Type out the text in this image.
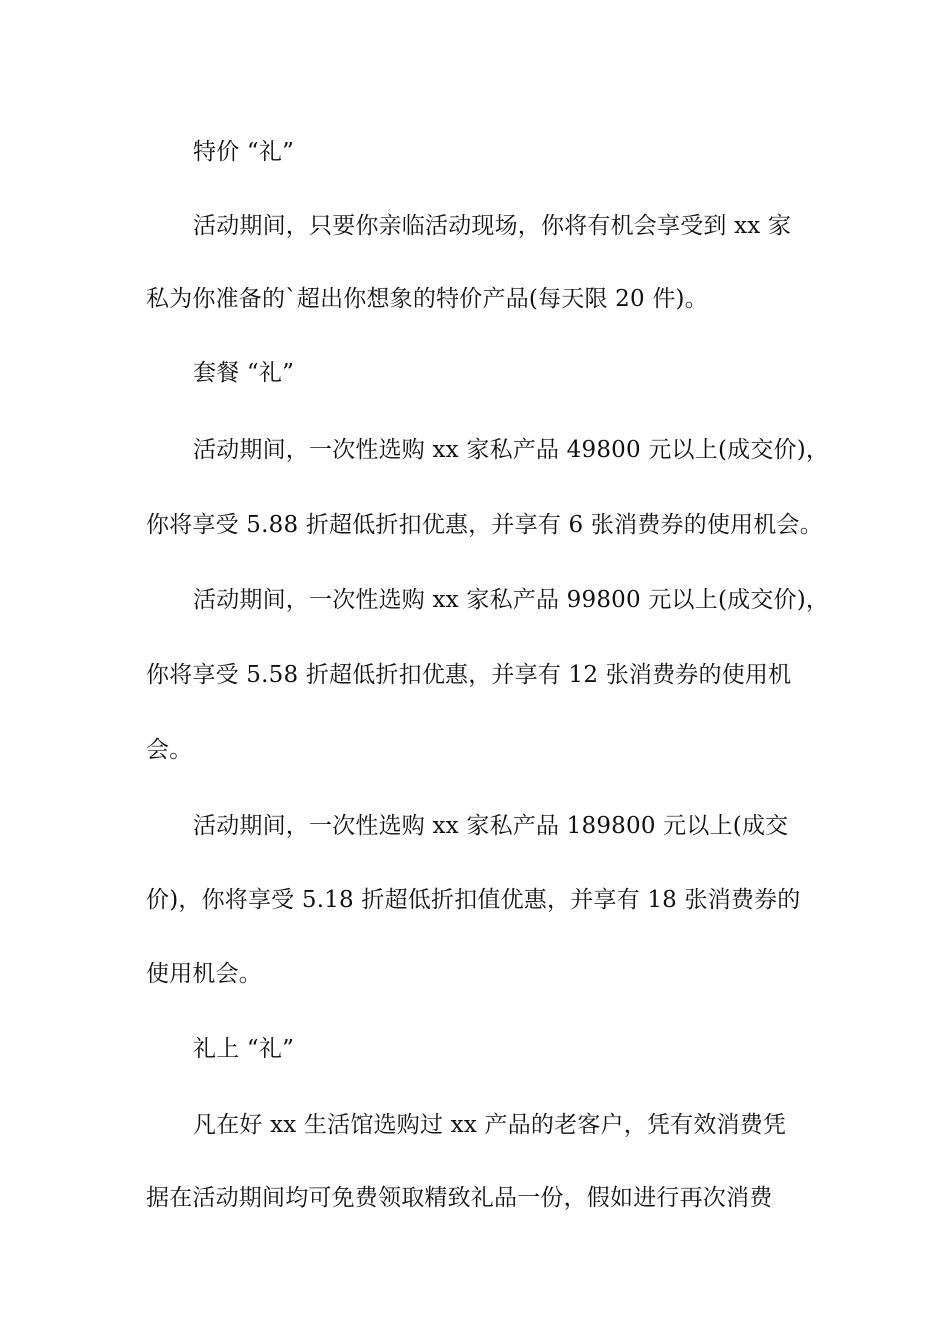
特价 “礼”
活动期间，只要你亲临活动现场，你将有机会享受到 xx 家
私为你准备的`超出你想象的特价产品(每天限 20 件)。
套餐 “礼”
活动期间，一次性选购 xx 家私产品 49800 元以上(成交价)，
你将享受 5.88 折超低折扣优惠，并享有 6 张消费券的使用机会。
活动期间，一次性选购 xx 家私产品 99800 元以上(成交价)，
你将享受 5.58 折超低折扣优惠，并享有 12 张消费券的使用机
会。
活动期间，一次性选购 xx 家私产品 189800 元以上(成交
价)，你将享受 5.18 折超低折扣值优惠，并享有 18 张消费券的
使用机会。
礼上 “礼”
凡在好 xx 生活馆选购过 xx 产品的老客户，凭有效消费凭
据在活动期间均可免费领取精致礼品一份，假如进行再次消费
